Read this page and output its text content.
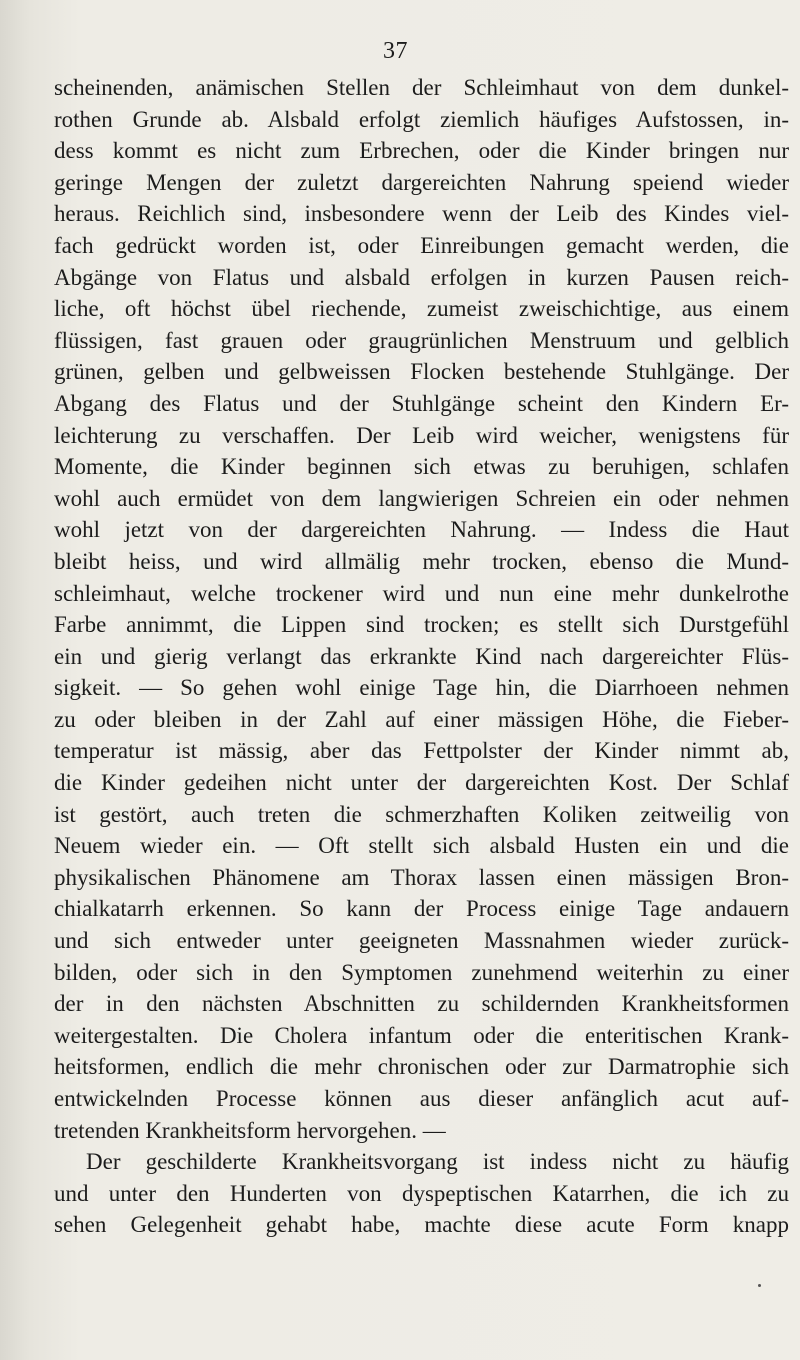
37

scheinenden, anämischen Stellen der Schleimhaut von dem dunkel-
rothen Grunde ab. Alsbald erfolgt ziemlich häufiges Aufstossen, in-
dess kommt es nicht zum Erbrechen, oder die Kinder bringen nur
geringe Mengen der zuletzt dargereichten Nahrung speiend wieder
heraus. Reichlich sind, insbesondere wenn der Leib des Kindes viel-
fach gedrückt worden ist, oder Einreibungen gemacht werden, die
Abgänge von Flatus und alsbald erfolgen in kurzen Pausen reich-
liche, oft höchst übel riechende, zumeist zweischichtige, aus einem
flüssigen, fast grauen oder graugrünlichen Menstruum und gelblich
grünen, gelben und gelbweissen Flocken bestehende Stuhlgänge. Der
Abgang des Flatus und der Stuhlgänge scheint den Kindern Er-
leichterung zu verschaffen. Der Leib wird weicher, wenigstens für
Momente, die Kinder beginnen sich etwas zu beruhigen, schlafen
wohl auch ermüdet von dem langwierigen Schreien ein oder nehmen
wohl jetzt von der dargereichten Nahrung. — Indess die Haut
bleibt heiss, und wird allmälig mehr trocken, ebenso die Mund-
schleimhaut, welche trockener wird und nun eine mehr dunkelrothe
Farbe annimmt, die Lippen sind trocken; es stellt sich Durstgefühl
ein und gierig verlangt das erkrankte Kind nach dargereichter Flüs-
sigkeit. — So gehen wohl einige Tage hin, die Diarrhoeen nehmen
zu oder bleiben in der Zahl auf einer mässigen Höhe, die Fieber-
temperatur ist mässig, aber das Fettpolster der Kinder nimmt ab,
die Kinder gedeihen nicht unter der dargereichten Kost. Der Schlaf
ist gestört, auch treten die schmerzhaften Koliken zeitweilig von
Neuem wieder ein. — Oft stellt sich alsbald Husten ein und die
physikalischen Phänomene am Thorax lassen einen mässigen Bron-
chialkatarrh erkennen. So kann der Process einige Tage andauern
und sich entweder unter geeigneten Massnahmen wieder zurück-
bilden, oder sich in den Symptomen zunehmend weiterhin zu einer
der in den nächsten Abschnitten zu schildernden Krankheitsformen
weitergestalten. Die Cholera infantum oder die enteritischen Krank-
heitsformen, endlich die mehr chronischen oder zur Darmatrophie sich
entwickelnden Processe können aus dieser anfänglich acut auf-
tretenden Krankheitsform hervorgehen. —
Der geschilderte Krankheitsvorgang ist indess nicht zu häufig
und unter den Hunderten von dyspeptischen Katarrhen, die ich zu
sehen Gelegenheit gehabt habe, machte diese acute Form knapp
